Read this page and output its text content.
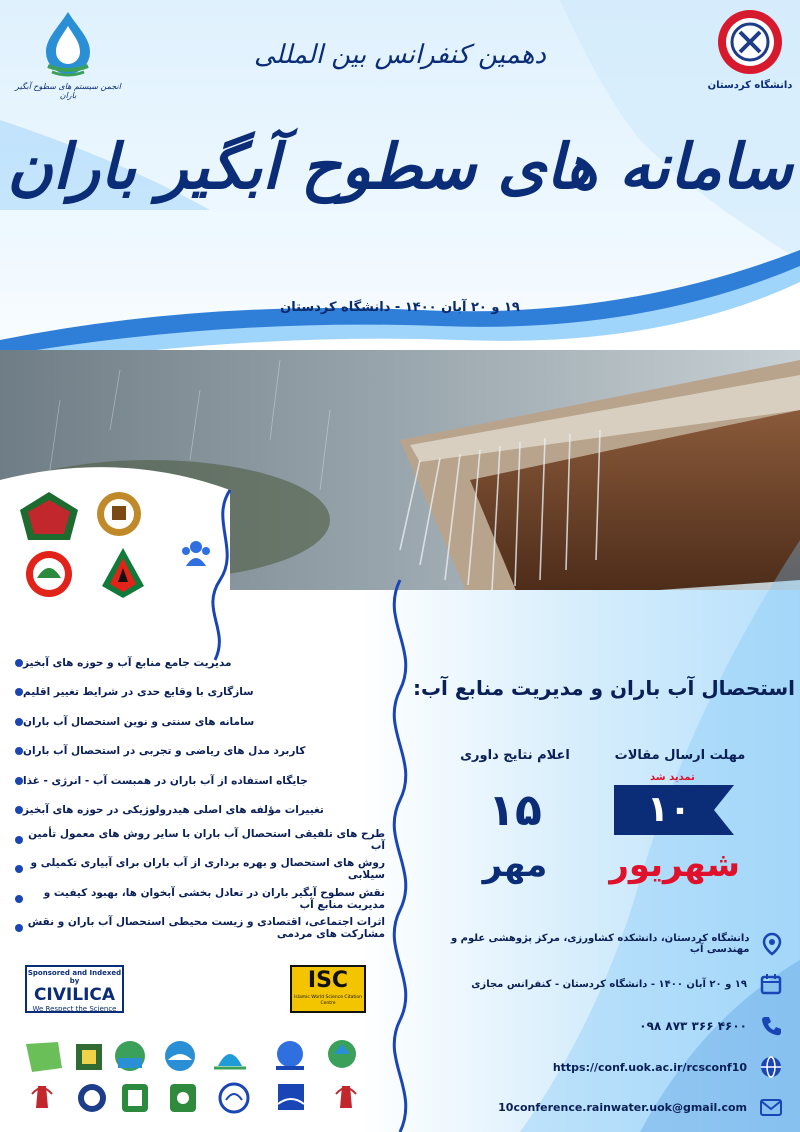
انجمن سیستم های سطوح آبگیر باران
دانشگاه کردستان
دهمین کنفرانس بین المللی
سامانه های سطوح آبگیر باران
۱۹ و ۲۰ آبان ۱۴۰۰ - دانشگاه کردستان
مدیریت جامع منابع آب و حوزه های آبخیز
سازگاری با وقایع حدی در شرایط تغییر اقلیم
سامانه های سنتی و نوین استحصال آب باران
کاربرد مدل های ریاضی و تجربی در استحصال آب باران
جایگاه استفاده از آب باران در همبست آب - انرژی - غذا
تغییرات مؤلفه های اصلی هیدرولوژیکی در حوزه های آبخیز
طرح های تلفیقی استحصال آب باران با سایر روش های معمول تأمین آب
روش های استحصال و بهره برداری از آب باران برای آبیاری تکمیلی و سیلابی
نقش سطوح آبگیر باران در تعادل بخشی آبخوان ها، بهبود کیفیت و مدیریت منابع آب
اثرات اجتماعی، اقتصادی و زیست محیطی استحصال آب باران و نقش مشارکت های مردمی
استحصال آب باران و مدیریت منابع آب:
مهلت ارسال مقالات
تمدید شد
۱۰
شهریور
اعلام نتایج داوری
۱۵
مهر
دانشگاه کردستان، دانشکده کشاورزی، مرکز پژوهشی علوم و مهندسی آب
۱۹ و ۲۰ آبان ۱۴۰۰ - دانشگاه کردستان - کنفرانس مجازی
۰۹۸ ۸۷۳ ۳۶۶ ۴۶۰۰
https://conf.uok.ac.ir/rcsconf10
10conference.rainwater.uok@gmail.com
Sponsored and Indexed by
CIVILICA
We Respect the Science
ISC
Islamic World Science Citation Centre
